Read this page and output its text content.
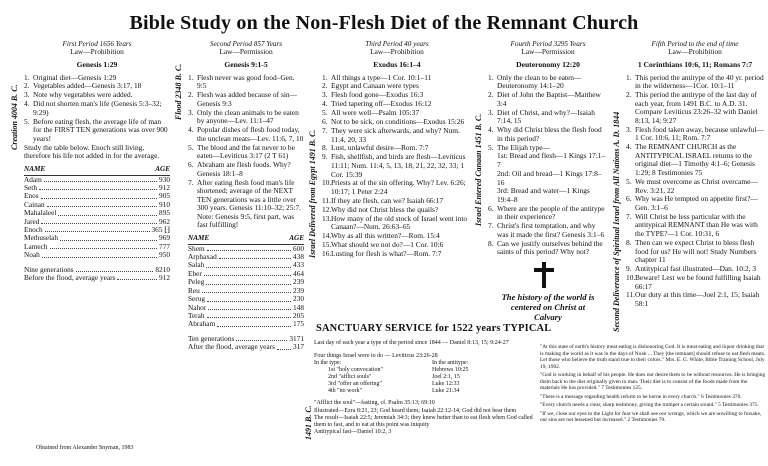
Bible Study on the Non-Flesh Diet of the Remnant Church
Creation 4004 B. C.
First Period 1656 Years
Law—Prohibition
Genesis 1:29
1. Original diet—Genesis 1:29
2. Vegetables added—Genesis 3:17, 18
3. Note why vegetables were added.
4. Did not shorten man's life (Genesis 5:3–32; 9:29)
5. Before eating flesh, the average life of man for the FIRST TEN generations was over 900 years!
Study the table below. Enoch still living, therefore his life not added in for the average.
NAME	AGE
Adam	930
Seth	912
Enos	905
Cainan	910
Mahalaleel	895
Jared	962
Enoch	365 ⁅⁆
Methuselah	969
Lamech	777
Noah	950
Nine generations	8210
Before the flood, average years	912
Flood 2348 B. C.
Second Period 857 Years
Law—Permission
Genesis 9:1-5
1. Flesh never was good food–Gen. 9:5
2. Flesh was added because of sin—Genesis 9:3
3. Only the clean animals to be eaten by anyone—Lev. 11:1–47
4. Popular dishes of flesh food today, the unclean meats—Lev. 11:6, 7, 10
5. The blood and the fat never to be eaten—Leviticus 3:17 (2 T 61)
6. Abraham ate flesh foods. Why? Genesis 18:1–8
7. After eating flesh food man's life shortened; average of the NEXT TEN generations was a little over 300 years. Genesis 11:10–32; 25:7. Note: Genesis 9:5, first part, was fast fulfilling!
NAME	AGE
Shem	600
Arphaxad	438
Salah	433
Eber	464
Peleg	239
Reu	239
Serug	230
Nahor	148
Terah	205
Abraham	175
Ten generations	3171
After the flood, average years 317
Israel Delivered from Egypt 1491 B. C.
Third Period 40 years
Law—Prohibition
Exodus 16:1–4
1. All things a type—1 Cor. 10:1–11
2. Egypt and Canaan were types
3. Flesh food gone—Exodus 16:3
4. Tried tapering off—Exodus 16:12
5. All were well—Psalm 105:37
6. Not to be sick, on conditions—Exodus 15:26
7. They were sick afterwards, and why? Num. 11:4, 20, 33
8. Lust, unlawful desire—Rom. 7:7
9. Fish, shellfish, and birds are flesh—Leviticus 11:11; Num. 11:4, 5, 13, 18, 21, 22, 32, 33; 1 Cor. 15:39
10. Priests at of the sin offering. Why? Lev. 6:26; 10:17; 1 Peter 2:24
11. If they ate flesh, can we? Isaiah 66:17
12. Why did not Christ bless the quails?
13. How many of the old stock of Israel went into Canaan?—Num. 26:63–65
14. Why as all this written?—Rom. 15:4
15. What should we not do?—1 Cor. 10:6
16. Lusting for flesh is what?—Rom. 7:7
Israel Entered Canaan 1451 B. C.
Fourth Period 3295 Years
Law—Permission
Deuteronomy 12:20
1. Only the clean to be eaten—Deuteronomy 14:1–20
2. Diet of John the Baptist—Matthew 3:4
3. Diet of Christ, and why?—Isaiah 7:14, 15
4. Why did Christ bless the flesh food in this period?
5. The Elijah type—
1st: Bread and flesh—1 Kings 17:1–7
2nd: Oil and bread—1 Kings 17:8–16
3rd: Bread and water—1 Kings 19:4–8
6. Where are the people of the antitype in their experience?
7. Christ's first temptation, and why was it made the first? Genesis 3:1–6
8. Can we justify ourselves behind the saints of this period? Why not?	Second Deliverance of Spiritual Israel from All Nations A. D. 1844
Fifth Period to the end of time
Law—Prohibition
1 Corinthians 10:6, 11; Romans 7:7
1. This period the antitype of the 40 yr. period in the wilderness—1Cor. 10:1–11
2. This period the antitype of the last day of each year, from 1491 B.C. to A.D. 31. Compare Leviticus 23:26–32 with Daniel 8:13, 14; 9:27
3. Flesh food taken away, because unlawful—1 Cor. 10:6, 11; Rom. 7:7
4. The REMNANT CHURCH as the ANTITYPICAL ISRAEL returns to the original diet—1 Timothy 4:1–6; Genesis 1:29; 8 Testimonies 75
5. We must overcome as Christ overcame—Rev. 3:21, 22
6. Why was He tempted on appetite first?—Gen. 3:1–6
7. Will Christ be less particular with the antitypical REMNANT than He was with the TYPE?—1 Cor. 10:31, 6
8. Then can we expect Christ to bless flesh food for us? He will not! Study Numbers chapter 11
9. Antitypical fast illustrated—Dan. 10:2, 3
10. Beware! Lest we be found fulfilling Isaiah 66:17
11. Our duty at this time—Joel 2:1, 15; Isaiah 58:1
The history of the world is centered on Christ at Calvary
SANCTUARY SERVICE for 1522 years TYPICAL
1491 B. C.
Last day of each year a type of the period since 1844 — Daniel 8:13, 15; 9:24-27
Four things Israel were to do — Leviticus 23:26-28
In the type:	In the antitype:
1st "holy convocation"	Hebrews 10:25
2nd "afflict souls"	Joel 2:1, 15
3rd "offer an offering"	Luke 12:33
4th "no work"	Luke 21:34
"Afflict the soul"—fasting, cf. Psalm 35:13; 69:10
Illustrated—Ezra 8:21, 23; God heard them; Isaiah 22:12-14; God did not hear them
The result—Isaiah 22:5; Jeremiah 34:3; they knew better than to eat flesh when God called them to fast, and to eat at this point was iniquity
Antitypical fast—Daniel 10:2, 3

"At this state of earth's history meat eating is dishonoring God. It is meat eating and liquor drinking that is making the world as it was in the days of Noah ... They [the remnant] should refuse to eat flesh meats. Let those who believe the truth stand true to their colors." Mrs. E. G. White, Bible Training School, July 19, 1902.

"God is working in behalf of his people. He does not desire them to be without resources. He is bringing them back to the diet originally given to man. Their diet is to consist of the foods made from the materials He has provided." 7 Testimonies 125.

"There is a message regarding health reform to be borne in every church." 6 Testimonies 370.

"Every church needs a clear, sharp testimony, giving the trumpet a certain sound." 5 Testimonies 375.

"If we, close our eyes to the Light for fear we shall see our wrongs, which we are unwilling to forsake, our sins are not lessened but increased." 2 Testimonies 70.

Obtained from Alexander Snyman, 1983
